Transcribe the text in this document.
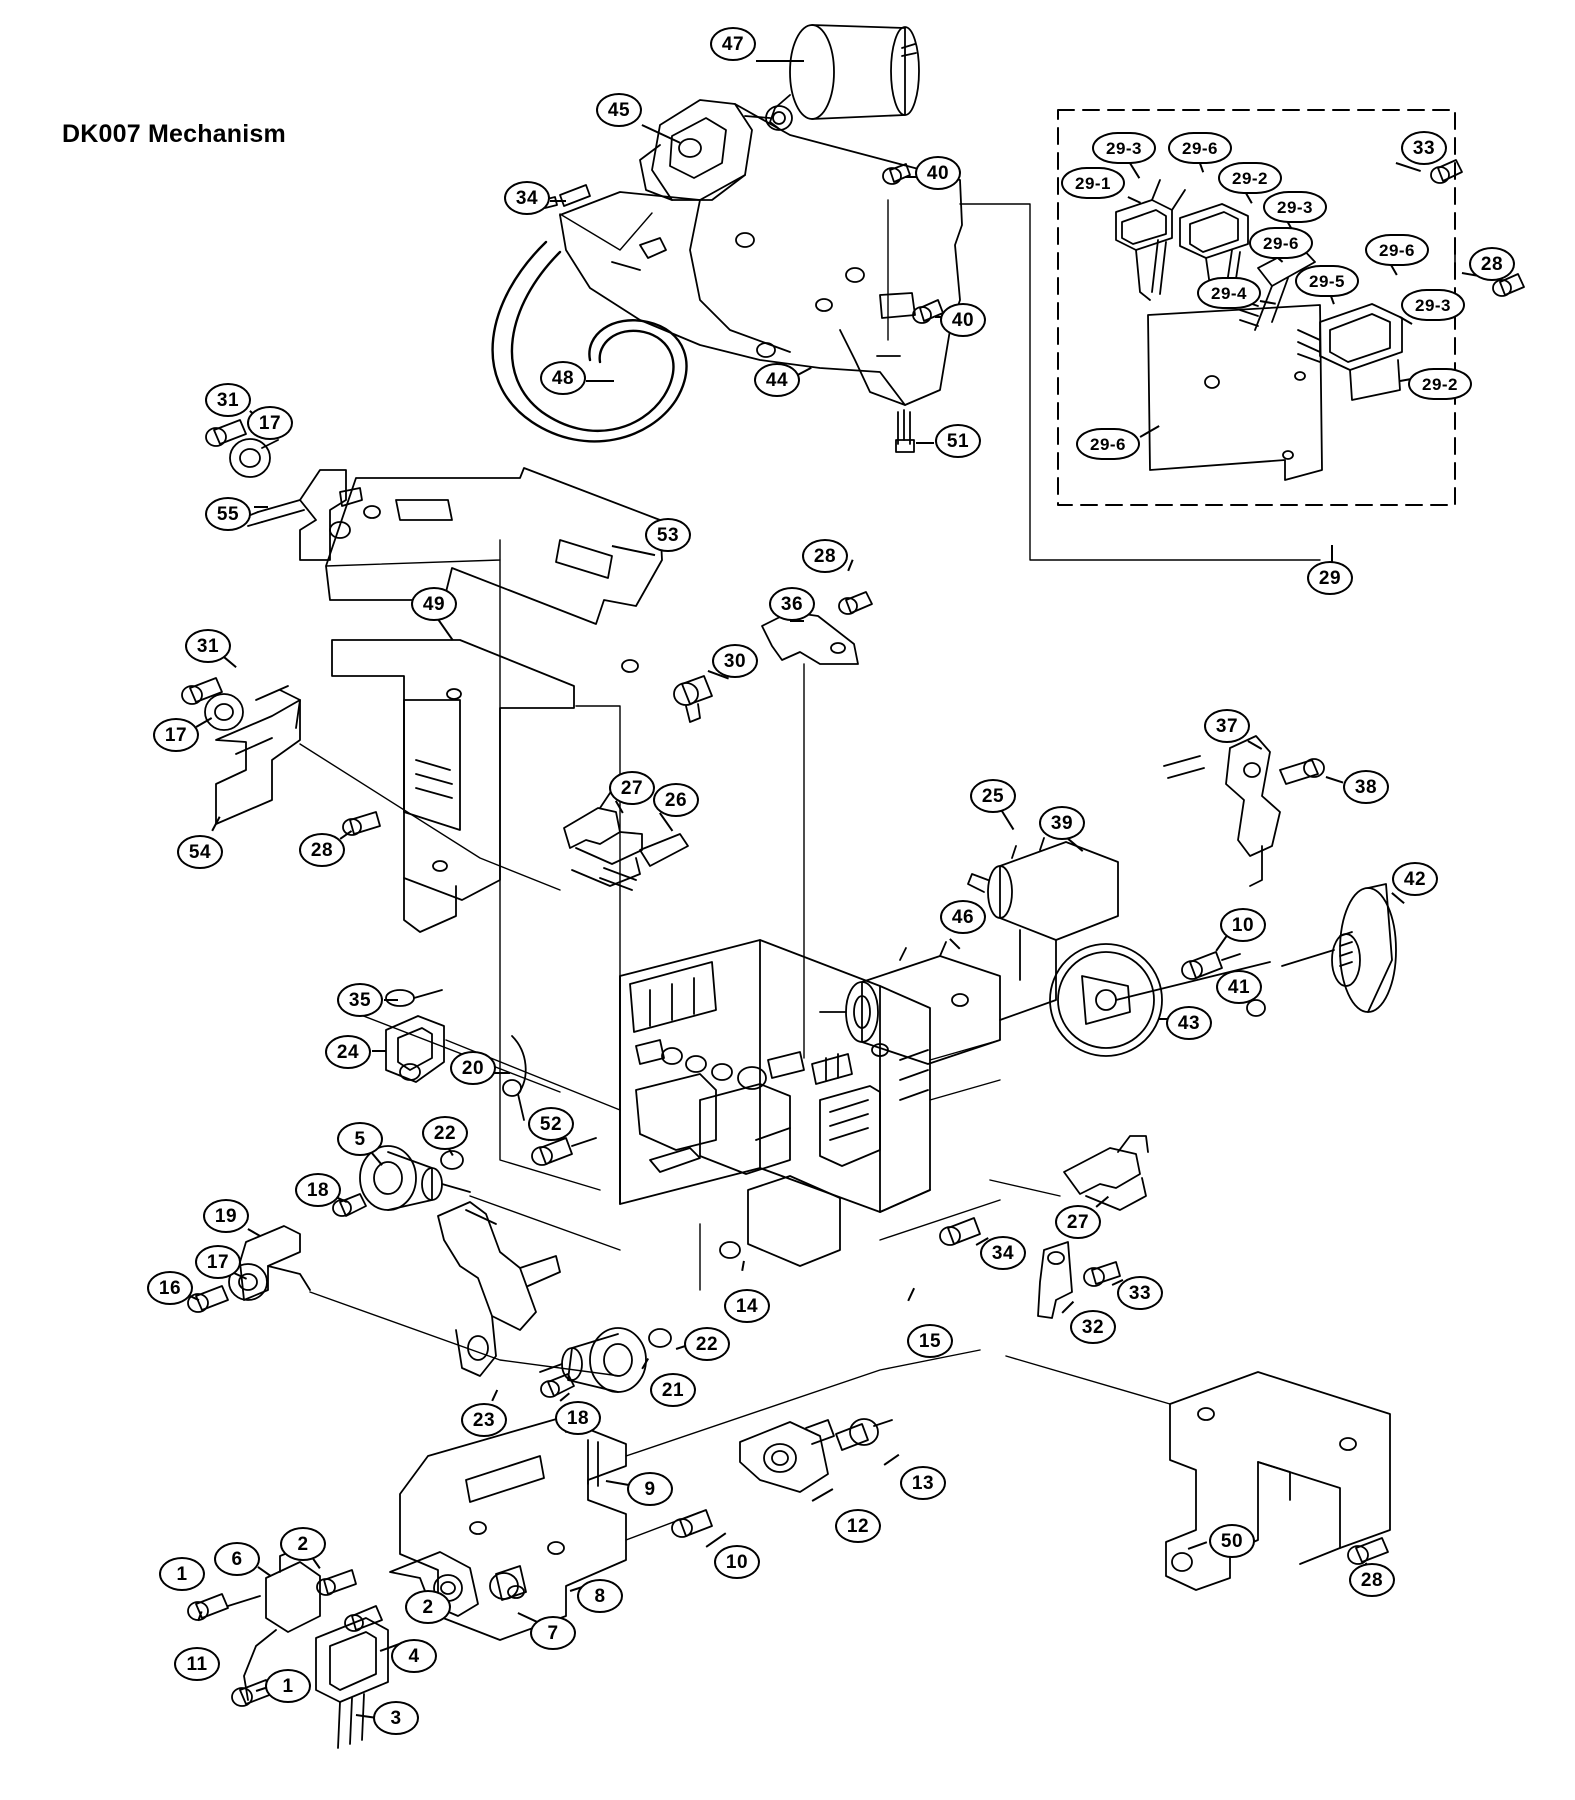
DK007 Mechanism
47
45
34
40
40
48	44
51
29-3	29-6	33
29-1	29-2
29-3
29-6	29-6
28
29-4
29-5
29-3
29-2
29-6
29
31
17
55
53
28
36
49
31
17
30
54	28
27
26	25
39
37
38
42
10
41
46
43
35
24
20
52
5	22
18
19
17
16
27
34
33
32
14
15
22
21
18
23
9	13
12
50
28
6
2
10
8
7
1
2
11	4
1
3
